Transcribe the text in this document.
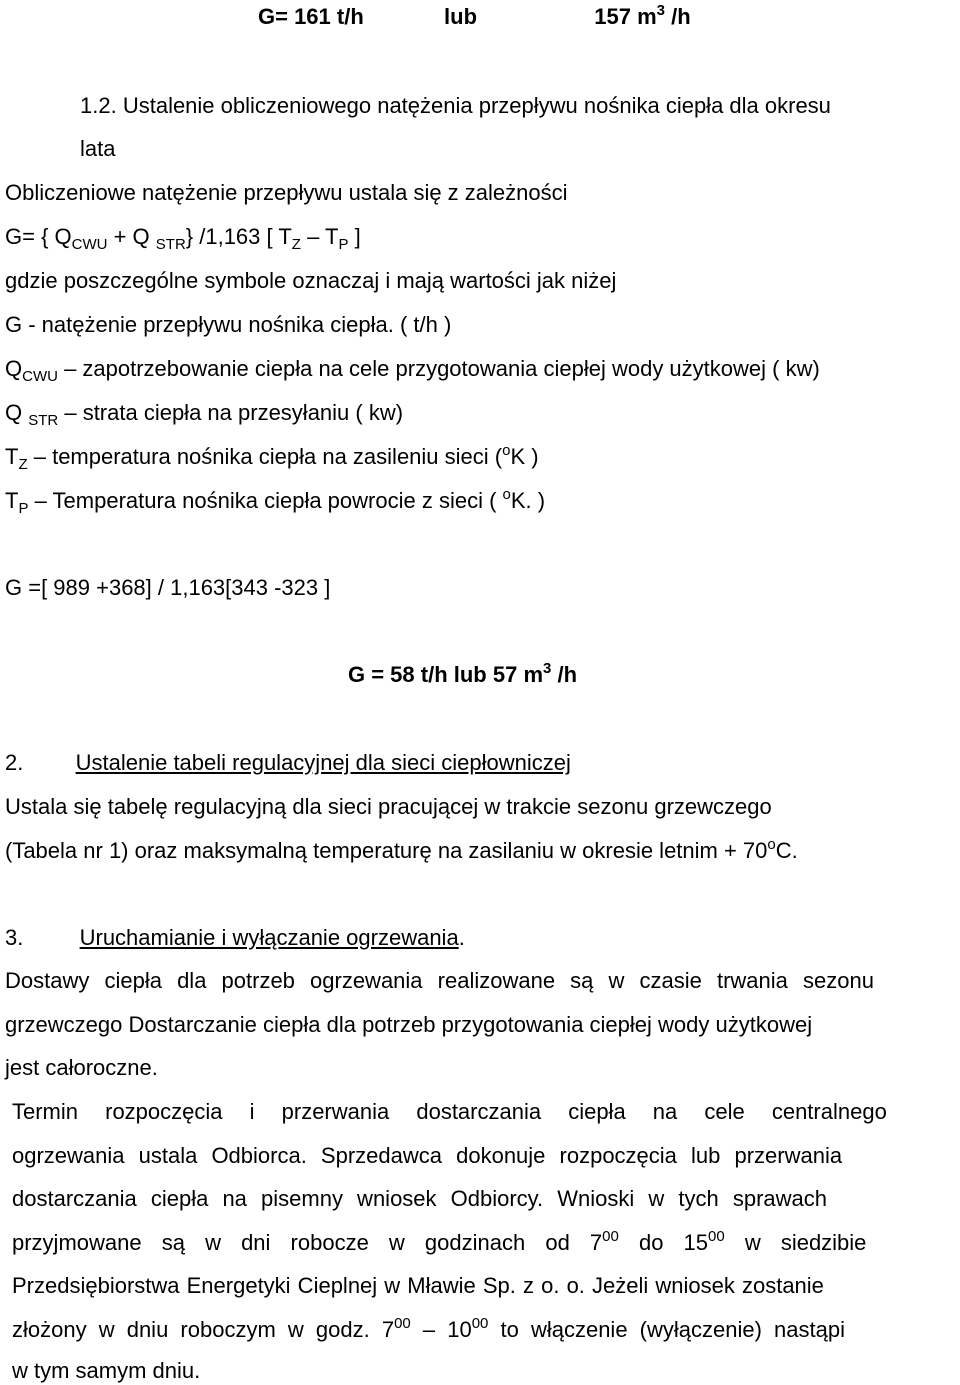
G= 161 t/h	lub	157 $m^3$ /h
1.2. Ustalenie obliczeniowego natężenia przepływu nośnika ciepła dla okresu
lata
Obliczeniowe natężenie przepływu ustala się z zależności
G= { $Q_{CWU} + Q$ $_{STR}$} /1,163 [ $T_Z - T_P$ ]
gdzie poszczególne symbole oznaczaj i mają wartości jak niżej
G - natężenie przepływu nośnika ciepła. ( t/h )
$Q_{CWU}$ – zapotrzebowanie ciepła na cele przygotowania ciepłej wody użytkowej ( kw)
Q $_{STR}$ – strata ciepła na przesyłaniu ( kw)
$T_Z$ – temperatura nośnika ciepła na zasileniu sieci ($^o$K )
$T_P$ – Temperatura nośnika ciepła powrocie z sieci ( $^o$K. )
G =[ 989 +368] / 1,163[343 -323 ]
G = 58 t/h lub 57 $m^3$ /h
2. Ustalenie tabeli regulacyjnej dla sieci ciepłowniczej
Ustala się tabelę regulacyjną dla sieci pracującej w trakcie sezonu grzewczego
(Tabela nr 1) oraz maksymalną temperaturę na zasilaniu w okresie letnim + $70^oC$.
3.	Uruchamianie i wyłączanie ogrzewania.
Dostawy ciepła dla potrzeb ogrzewania realizowane są w czasie trwania sezonu
grzewczego Dostarczanie ciepła dla potrzeb przygotowania ciepłej wody użytkowej
jest całoroczne.
Termin rozpoczęcia i przerwania dostarczania ciepła na cele centralnego
ogrzewania ustala Odbiorca. Sprzedawca dokonuje rozpoczęcia lub przerwania
dostarczania ciepła na pisemny wniosek Odbiorcy. Wnioski w tych sprawach
przyjmowane są w dni robocze w godzinach od $7^{00}$ do $15^{00}$ w siedzibie
Przedsiębiorstwa Energetyki Cieplnej w Mławie Sp. z o. o. Jeżeli wniosek zostanie
złożony w dniu roboczym w godz. $7^{00} - 10^{00}$ to włączenie (wyłączenie) nastąpi
w tym samym dniu.
